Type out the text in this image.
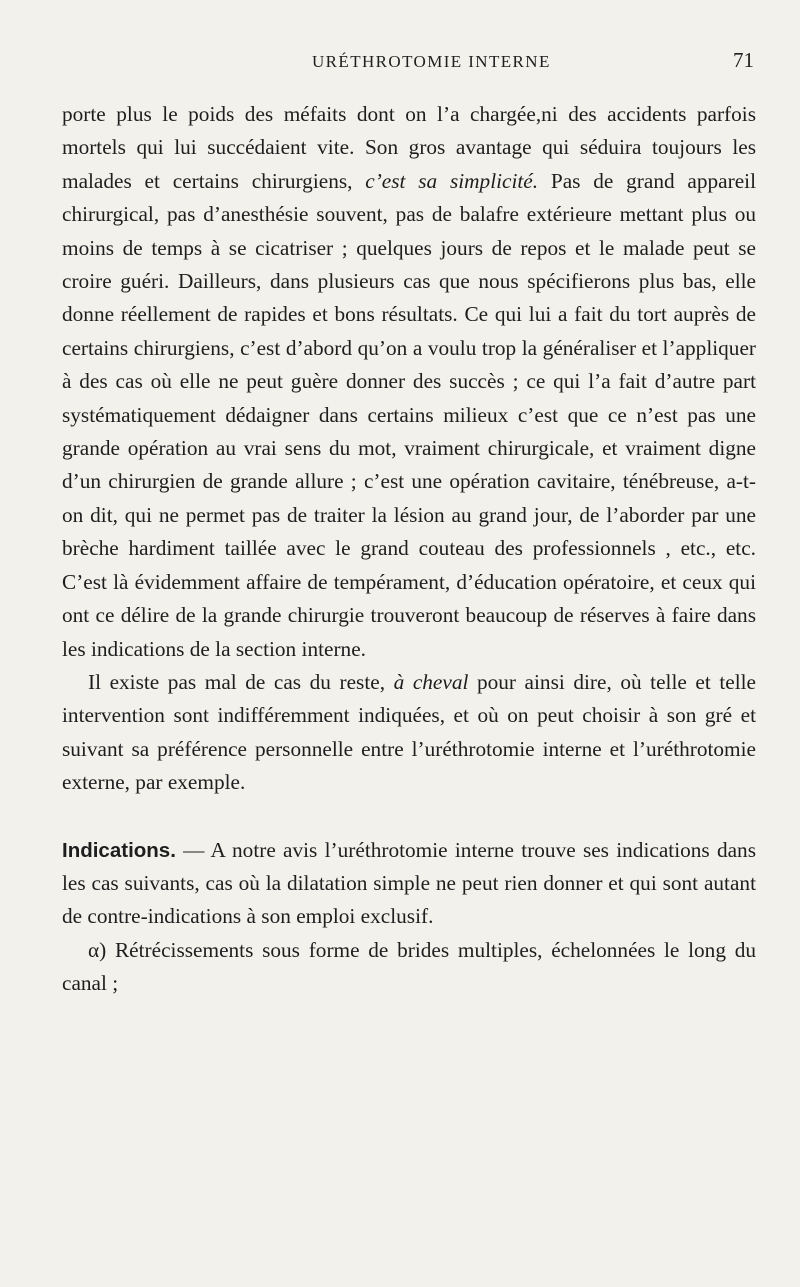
URÉTHROTOMIE INTERNE	71

porte plus le poids des méfaits dont on l’a chargée,ni des accidents parfois mortels qui lui succédaient vite. Son gros avantage qui séduira toujours les malades et certains chirurgiens, c’est sa simplicité. Pas de grand appareil chirurgical, pas d’anesthésie souvent, pas de balafre extérieure mettant plus ou moins de temps à se cicatriser ; quelques jours de repos et le malade peut se croire guéri. Dailleurs, dans plusieurs cas que nous spécifierons plus bas, elle donne réellement de rapides et bons résultats. Ce qui lui a fait du tort auprès de certains chirurgiens, c’est d’abord qu’on a voulu trop la généraliser et l’appliquer à des cas où elle ne peut guère donner des succès ; ce qui l’a fait d’autre part systématiquement dédaigner dans certains milieux c’est que ce n’est pas une grande opération au vrai sens du mot, vraiment chirurgicale, et vraiment digne d’un chirurgien de grande allure ; c’est une opération cavitaire, ténébreuse, a-t-on dit, qui ne permet pas de traiter la lésion au grand jour, de l’aborder par une brèche hardiment taillée avec le grand couteau des professionnels , etc., etc. C’est là évidemment affaire de tempérament, d’éducation opératoire, et ceux qui ont ce délire de la grande chirurgie trouveront beaucoup de réserves à faire dans les indications de la section interne.

Il existe pas mal de cas du reste, à cheval pour ainsi dire, où telle et telle intervention sont indifféremment indiquées, et où on peut choisir à son gré et suivant sa préférence personnelle entre l’uréthrotomie interne et l’uréthrotomie externe, par exemple.

Indications. — A notre avis l’uréthrotomie interne trouve ses indications dans les cas suivants, cas où la dilatation simple ne peut rien donner et qui sont autant de contre-indications à son emploi exclusif.

α) Rétrécissements sous forme de brides multiples, échelonnées le long du canal ;
